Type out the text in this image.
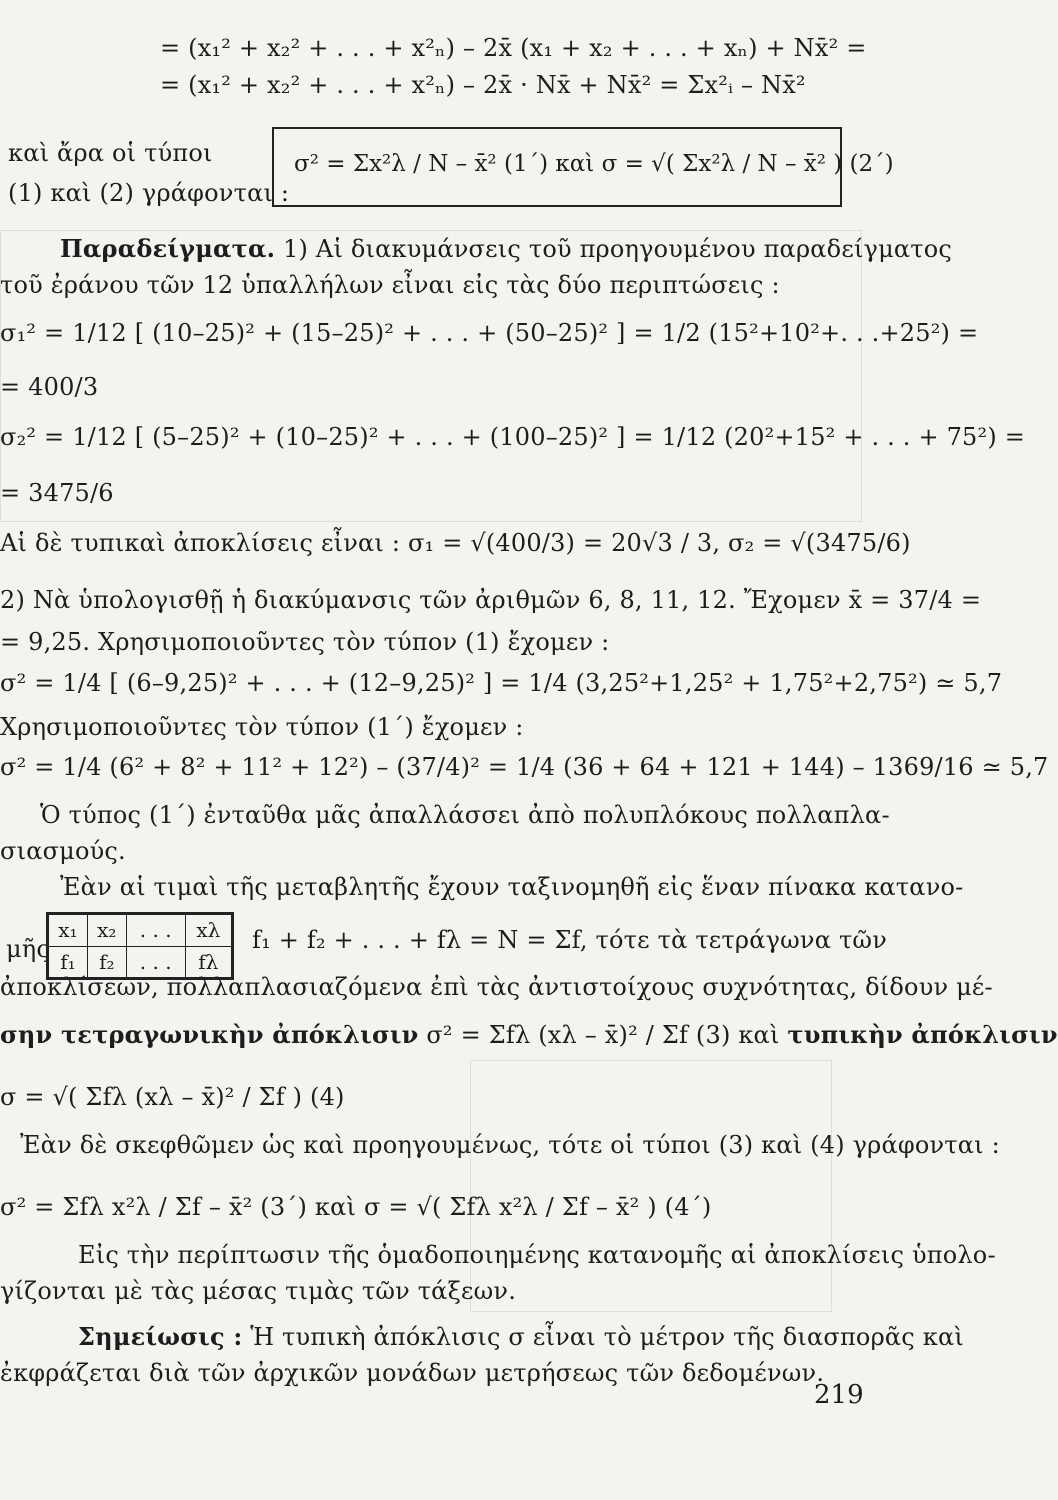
= (x₁² + x₂² + . . . + x²ₙ) – 2x̄ (x₁ + x₂ + . . . + xₙ) + Nx̄² =
= (x₁² + x₂² + . . . + x²ₙ) – 2x̄ · Nx̄ + Nx̄² = Σx²ᵢ – Nx̄²
καὶ ἄρα οἱ τύποι
(1) καὶ (2) γράφονται :
σ² = Σx²λ / N – x̄² (1΄) καὶ σ = √( Σx²λ / N – x̄² ) (2΄)
Παραδείγματα. 1) Αἱ διακυμάνσεις τοῦ προηγουμένου παραδείγματος
τοῦ ἐράνου τῶν 12 ὑπαλλήλων εἶναι εἰς τὰς δύο περιπτώσεις :
σ₁² = 1/12 [ (10–25)² + (15–25)² + . . . + (50–25)² ] = 1/2 (15²+10²+. . .+25²) =
= 400/3
σ₂² = 1/12 [ (5–25)² + (10–25)² + . . . + (100–25)² ] = 1/12 (20²+15² + . . . + 75²) =
= 3475/6
Αἱ δὲ τυπικαὶ ἀποκλίσεις εἶναι : σ₁ = √(400/3) = 20√3 / 3, σ₂ = √(3475/6)
2) Νὰ ὑπολογισθῇ ἡ διακύμανσις τῶν ἀριθμῶν 6, 8, 11, 12. Ἔχομεν x̄ = 37/4 =
= 9,25. Χρησιμοποιοῦντες τὸν τύπον (1) ἔχομεν :
σ² = 1/4 [ (6–9,25)² + . . . + (12–9,25)² ] = 1/4 (3,25²+1,25² + 1,75²+2,75²) ≃ 5,7
Χρησιμοποιοῦντες τὸν τύπον (1΄) ἔχομεν :
σ² = 1/4 (6² + 8² + 11² + 12²) – (37/4)² = 1/4 (36 + 64 + 121 + 144) – 1369/16 ≃ 5,7
Ὁ τύπος (1΄) ἐνταῦθα μᾶς ἀπαλλάσσει ἀπὸ πολυπλόκους πολλαπλα-
σιασμούς.
Ἐὰν αἱ τιμαὶ τῆς μεταβλητῆς ἔχουν ταξινομηθῆ εἰς ἕναν πίνακα κατανο-
μῆς
x₁	x₂	. . .	xλ
f₁	f₂	. . .	fλ
f₁ + f₂ + . . . + fλ = N = Σf, τότε τὰ τετράγωνα τῶν
ἀποκλίσεων, πολλαπλασιαζόμενα ἐπὶ τὰς ἀντιστοίχους συχνότητας, δίδουν μέ-
σην τετραγωνικὴν ἀπόκλισιν σ² = Σfλ (xλ – x̄)² / Σf (3) καὶ τυπικὴν ἀπόκλισιν
σ = √( Σfλ (xλ – x̄)² / Σf ) (4)
Ἐὰν δὲ σκεφθῶμεν ὡς καὶ προηγουμένως, τότε οἱ τύποι (3) καὶ (4) γράφονται :
σ² = Σfλ x²λ / Σf – x̄² (3΄) καὶ σ = √( Σfλ x²λ / Σf – x̄² ) (4΄)
Εἰς τὴν περίπτωσιν τῆς ὁμαδοποιημένης κατανομῆς αἱ ἀποκλίσεις ὑπολο-
γίζονται μὲ τὰς μέσας τιμὰς τῶν τάξεων.
Σημείωσις : Ἡ τυπικὴ ἀπόκλισις σ εἶναι τὸ μέτρον τῆς διασπορᾶς καὶ
ἐκφράζεται διὰ τῶν ἀρχικῶν μονάδων μετρήσεως τῶν δεδομένων.
219
